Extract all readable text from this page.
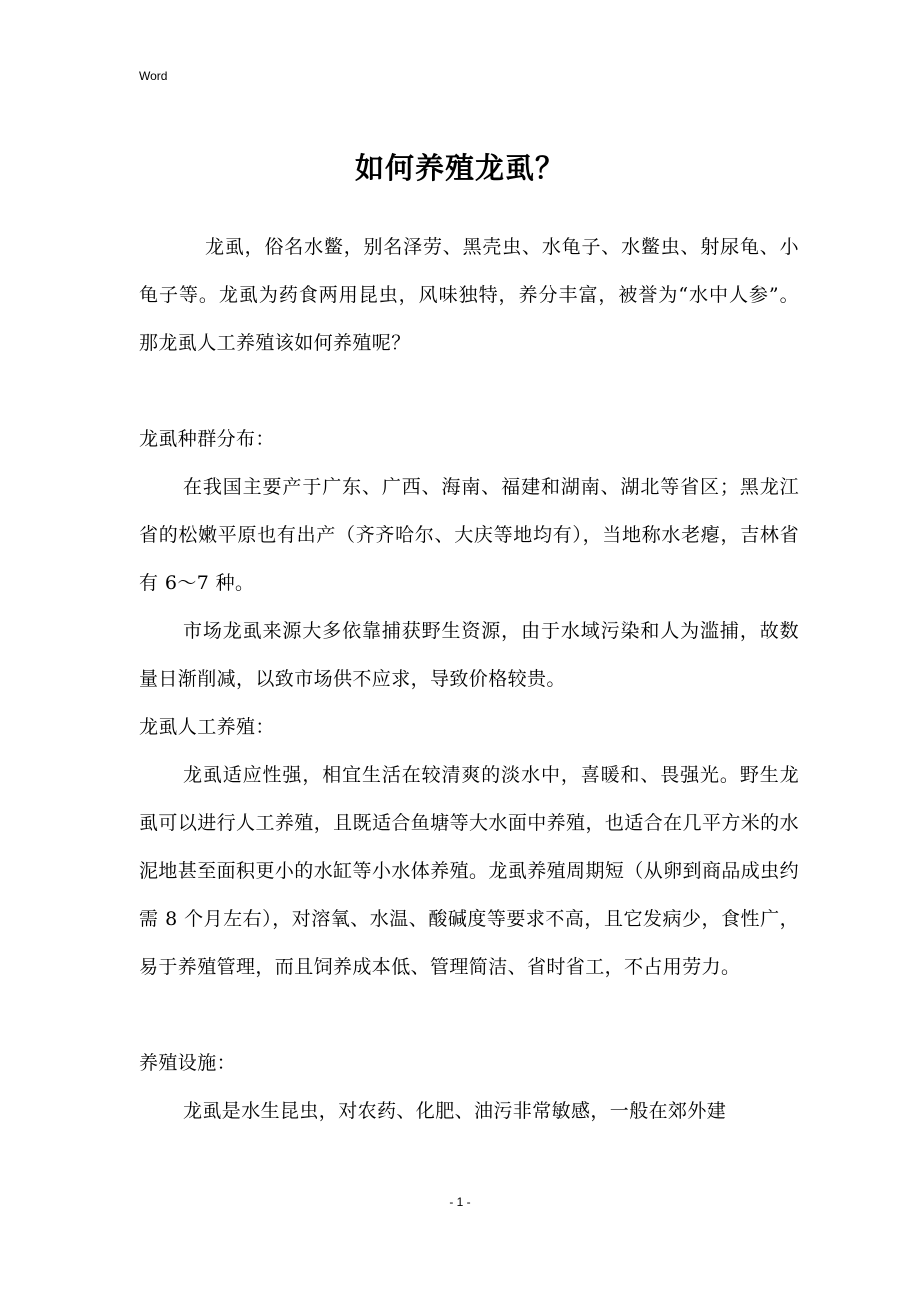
Word
如何养殖龙虱？

龙虱，俗名水鳖，别名泽劳、黑壳虫、水龟子、水鳖虫、射尿龟、小龟子等。龙虱为药食两用昆虫，风味独特，养分丰富，被誉为“水中人参”。那龙虱人工养殖该如何养殖呢？

龙虱种群分布：

在我国主要产于广东、广西、海南、福建和湖南、湖北等省区；黑龙江省的松嫩平原也有出产（齐齐哈尔、大庆等地均有），当地称水老瘪，吉林省有 6～7 种。

市场龙虱来源大多依靠捕获野生资源，由于水域污染和人为滥捕，故数量日渐削减，以致市场供不应求，导致价格较贵。

龙虱人工养殖：

龙虱适应性强，相宜生活在较清爽的淡水中，喜暖和、畏强光。野生龙虱可以进行人工养殖，且既适合鱼塘等大水面中养殖，也适合在几平方米的水泥地甚至面积更小的水缸等小水体养殖。龙虱养殖周期短（从卵到商品成虫约需 8 个月左右），对溶氧、水温、酸碱度等要求不高，且它发病少，食性广，易于养殖管理，而且饲养成本低、管理简洁、省时省工，不占用劳力。

养殖设施：

龙虱是水生昆虫，对农药、化肥、油污非常敏感，一般在郊外建

- 1 -
